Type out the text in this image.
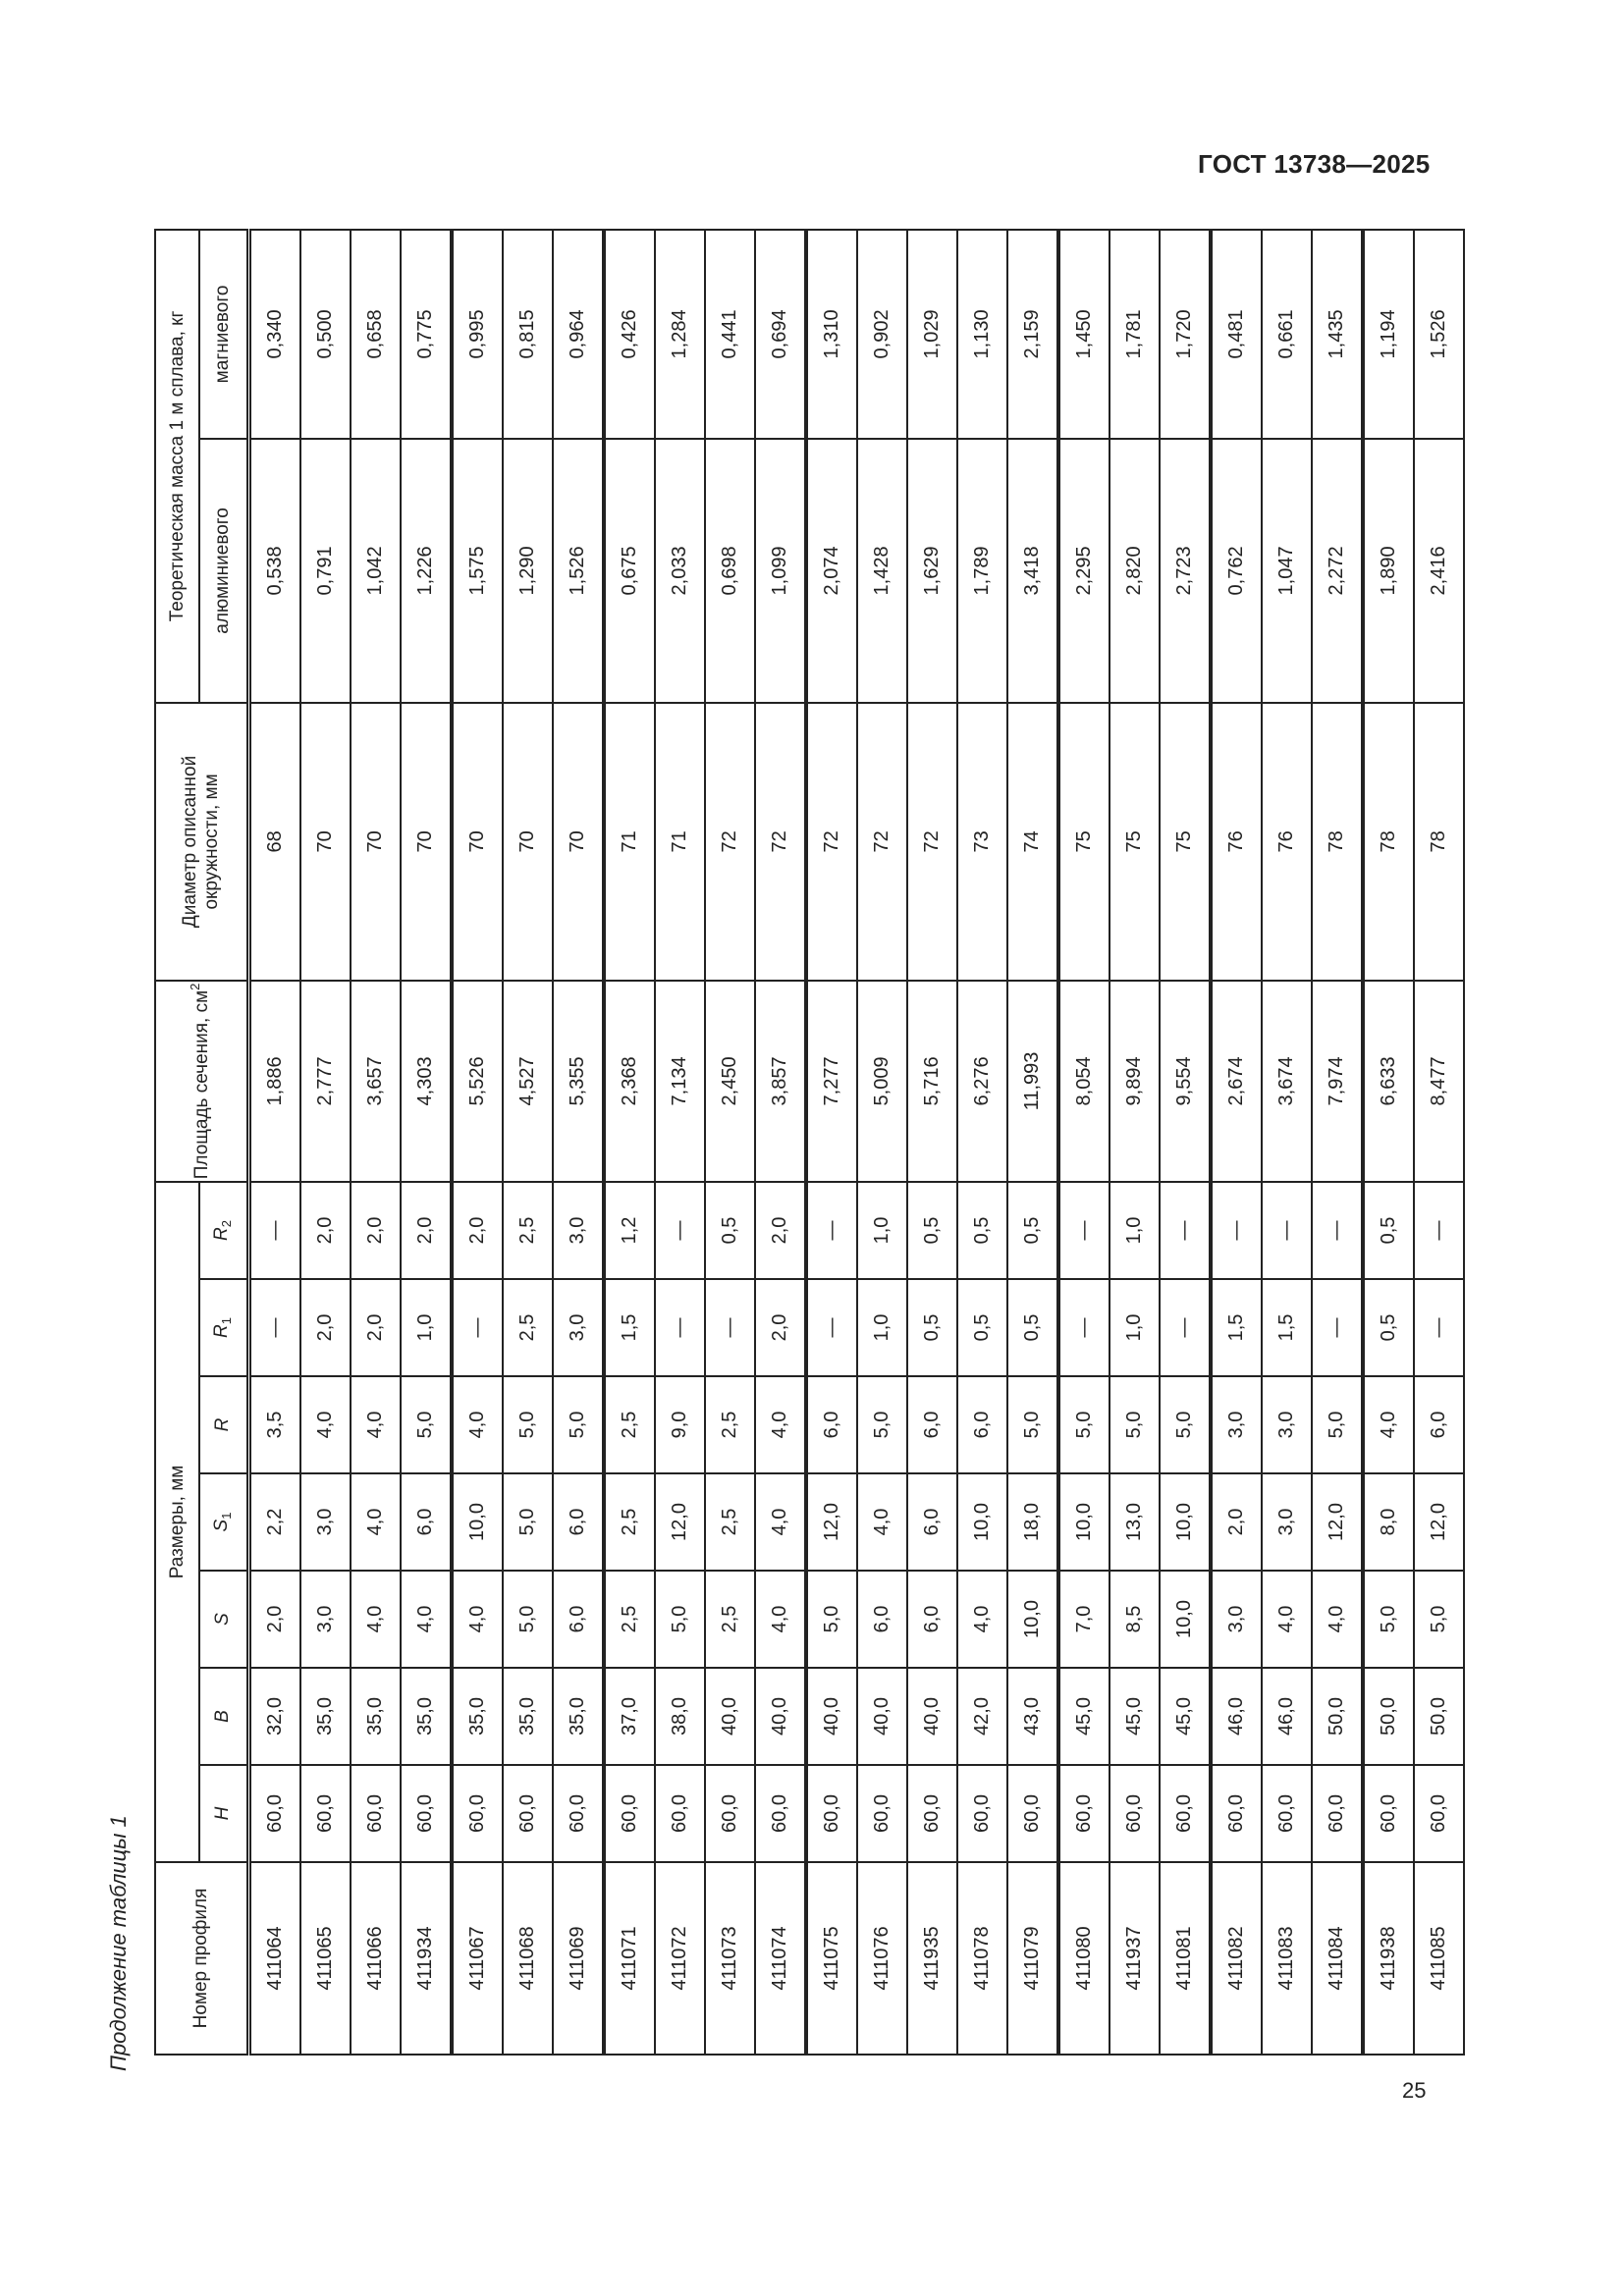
ГОСТ 13738—2025
Продолжение таблицы 1	Номер профиля	Размеры, мм							Площадь сечения, $см^2$	Диаметр описанной окружности, мм	Теоретическая масса 1 м сплава, кг	
	H	B	S	$S_1$	R	$R_1$	$R_2$			алюминиевого	магниевого
411064	60,0	32,0	2,0	2,2	3,5	—	—	1,886	68	0,538	0,340
411065	60,0	35,0	3,0	3,0	4,0	2,0	2,0	2,777	70	0,791	0,500
411066	60,0	35,0	4,0	4,0	4,0	2,0	2,0	3,657	70	1,042	0,658
411934	60,0	35,0	4,0	6,0	5,0	1,0	2,0	4,303	70	1,226	0,775
411067	60,0	35,0	4,0	10,0	4,0	—	2,0	5,526	70	1,575	0,995
411068	60,0	35,0	5,0	5,0	5,0	2,5	2,5	4,527	70	1,290	0,815
411069	60,0	35,0	6,0	6,0	5,0	3,0	3,0	5,355	70	1,526	0,964
411071	60,0	37,0	2,5	2,5	2,5	1,5	1,2	2,368	71	0,675	0,426
411072	60,0	38,0	5,0	12,0	9,0	—	—	7,134	71	2,033	1,284
411073	60,0	40,0	2,5	2,5	2,5	—	0,5	2,450	72	0,698	0,441
411074	60,0	40,0	4,0	4,0	4,0	2,0	2,0	3,857	72	1,099	0,694
411075	60,0	40,0	5,0	12,0	6,0	—	—	7,277	72	2,074	1,310
411076	60,0	40,0	6,0	4,0	5,0	1,0	1,0	5,009	72	1,428	0,902
411935	60,0	40,0	6,0	6,0	6,0	0,5	0,5	5,716	72	1,629	1,029
411078	60,0	42,0	4,0	10,0	6,0	0,5	0,5	6,276	73	1,789	1,130
411079	60,0	43,0	10,0	18,0	5,0	0,5	0,5	11,993	74	3,418	2,159
411080	60,0	45,0	7,0	10,0	5,0	—	—	8,054	75	2,295	1,450
411937	60,0	45,0	8,5	13,0	5,0	1,0	1,0	9,894	75	2,820	1,781
411081	60,0	45,0	10,0	10,0	5,0	—	—	9,554	75	2,723	1,720
411082	60,0	46,0	3,0	2,0	3,0	1,5	—	2,674	76	0,762	0,481
411083	60,0	46,0	4,0	3,0	3,0	1,5	—	3,674	76	1,047	0,661
411084	60,0	50,0	4,0	12,0	5,0	—	—	7,974	78	2,272	1,435
411938	60,0	50,0	5,0	8,0	4,0	0,5	0,5	6,633	78	1,890	1,194
411085	60,0	50,0	5,0	12,0	6,0	—	—	8,477	78	2,416	1,526
25
